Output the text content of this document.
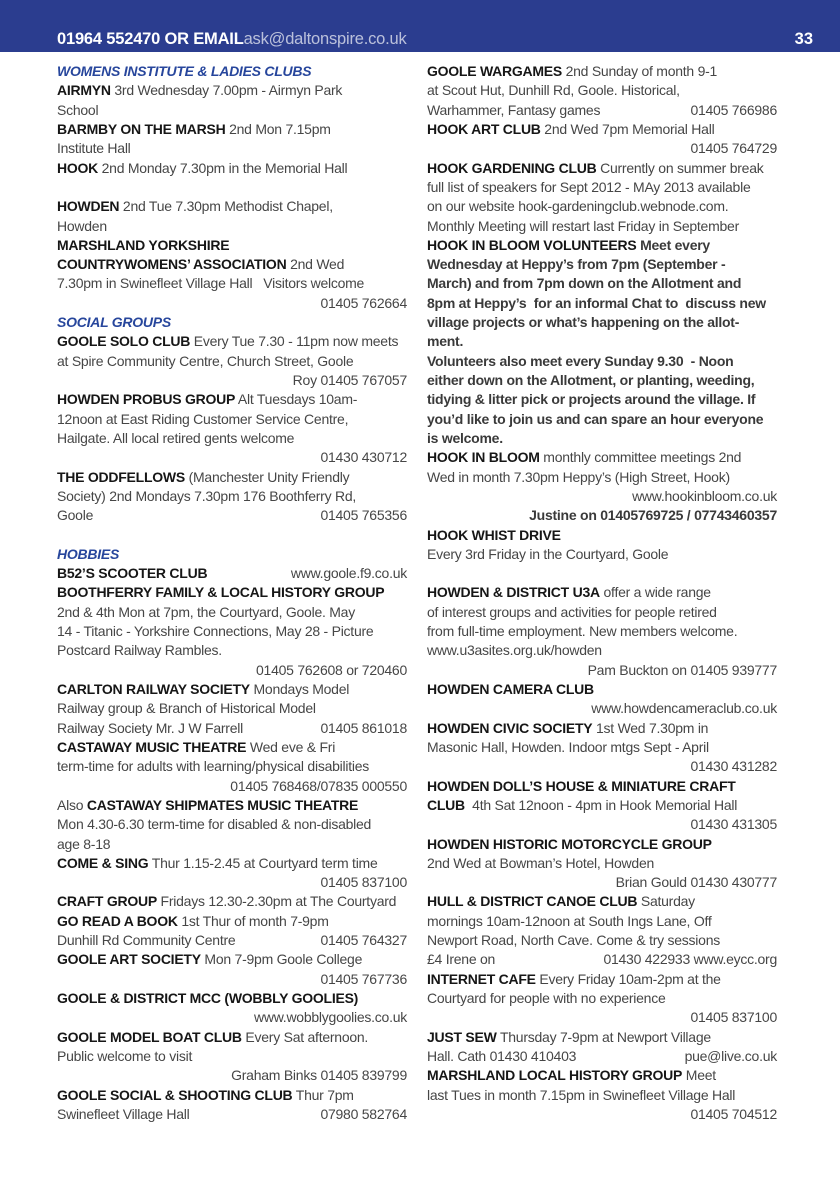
01964 552470 OR EMAILask@daltonspire.co.uk	33
WOMENS INSTITUTE & LADIES CLUBS
AIRMYN 3rd Wednesday 7.00pm - Airmyn Park
School
BARMBY ON THE MARSH 2nd Mon 7.15pm
Institute Hall
HOOK 2nd Monday 7.30pm in the Memorial Hall
HOWDEN 2nd Tue 7.30pm Methodist Chapel,
Howden
MARSHLAND YORKSHIRE
COUNTRYWOMENS’ ASSOCIATION 2nd Wed
7.30pm in Swinefleet Village Hall   Visitors welcome
01405 762664
SOCIAL GROUPS
GOOLE SOLO CLUB Every Tue 7.30 - 11pm now meets
at Spire Community Centre, Church Street, Goole
Roy 01405 767057
HOWDEN PROBUS GROUP Alt Tuesdays 10am-
12noon at East Riding Customer Service Centre,
Hailgate. All local retired gents welcome
01430 430712
THE ODDFELLOWS (Manchester Unity Friendly
Society) 2nd Mondays 7.30pm 176 Boothferry Rd,
Goole	01405 765356
HOBBIES
B52’S SCOOTER CLUB	www.goole.f9.co.uk
BOOTHFERRY FAMILY & LOCAL HISTORY GROUP
2nd & 4th Mon at 7pm, the Courtyard, Goole. May
14 - Titanic - Yorkshire Connections, May 28 - Picture
Postcard Railway Rambles.
01405 762608 or 720460
CARLTON RAILWAY SOCIETY Mondays Model
Railway group & Branch of Historical Model
Railway Society Mr. J W Farrell	01405 861018
CASTAWAY MUSIC THEATRE Wed eve & Fri
term-time for adults with learning/physical disabilities
01405 768468/07835 000550
Also CASTAWAY SHIPMATES MUSIC THEATRE
Mon 4.30-6.30 term-time for disabled & non-disabled
age 8-18
COME & SING Thur 1.15-2.45 at Courtyard term time
01405 837100
CRAFT GROUP Fridays 12.30-2.30pm at The Courtyard
GO READ A BOOK 1st Thur of month 7-9pm
Dunhill Rd Community Centre	01405 764327
GOOLE ART SOCIETY Mon 7-9pm Goole College
01405 767736
GOOLE & DISTRICT MCC (WOBBLY GOOLIES)
www.wobblygoolies.co.uk
GOOLE MODEL BOAT CLUB Every Sat afternoon.
Public welcome to visit
Graham Binks 01405 839799
GOOLE SOCIAL & SHOOTING CLUB Thur 7pm
Swinefleet Village Hall	07980 582764
GOOLE WARGAMES 2nd Sunday of month 9-1
at Scout Hut, Dunhill Rd, Goole. Historical,
Warhammer, Fantasy games	01405 766986
HOOK ART CLUB 2nd Wed 7pm Memorial Hall
01405 764729
HOOK GARDENING CLUB Currently on summer break
full list of speakers for Sept 2012 - MAy 2013 available
on our website hook-gardeningclub.webnode.com.
Monthly Meeting will restart last Friday in September
HOOK IN BLOOM VOLUNTEERS Meet every
Wednesday at Heppy’s from 7pm (September -
March) and from 7pm down on the Allotment and
8pm at Heppy’s  for an informal Chat to  discuss new
village projects or what’s happening on the allot-
ment.
Volunteers also meet every Sunday 9.30  - Noon
either down on the Allotment, or planting, weeding,
tidying & litter pick or projects around the village. If
you’d like to join us and can spare an hour everyone
is welcome.
HOOK IN BLOOM monthly committee meetings 2nd
Wed in month 7.30pm Heppy’s (High Street, Hook)
www.hookinbloom.co.uk
Justine on 01405769725 / 07743460357
HOOK WHIST DRIVE
Every 3rd Friday in the Courtyard, Goole
HOWDEN & DISTRICT U3A offer a wide range
of interest groups and activities for people retired
from full-time employment. New members welcome.
www.u3asites.org.uk/howden
Pam Buckton on 01405 939777
HOWDEN CAMERA CLUB
www.howdencameraclub.co.uk
HOWDEN CIVIC SOCIETY 1st Wed 7.30pm in
Masonic Hall, Howden. Indoor mtgs Sept - April
01430 431282
HOWDEN DOLL’S HOUSE & MINIATURE CRAFT
CLUB  4th Sat 12noon - 4pm in Hook Memorial Hall
01430 431305
HOWDEN HISTORIC MOTORCYCLE GROUP
2nd Wed at Bowman’s Hotel, Howden
Brian Gould 01430 430777
HULL & DISTRICT CANOE CLUB Saturday
mornings 10am-12noon at South Ings Lane, Off
Newport Road, North Cave. Come & try sessions
£4 Irene on	01430 422933 www.eycc.org
INTERNET CAFE Every Friday 10am-2pm at the
Courtyard for people with no experience
01405 837100
JUST SEW Thursday 7-9pm at Newport Village
Hall. Cath 01430 410403	pue@live.co.uk
MARSHLAND LOCAL HISTORY GROUP Meet
last Tues in month 7.15pm in Swinefleet Village Hall
01405 704512
